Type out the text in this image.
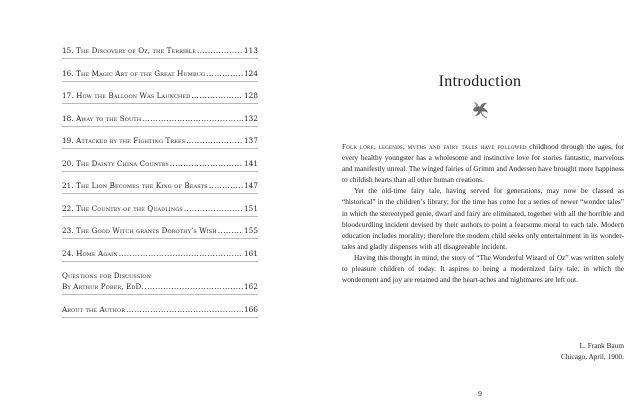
15. The Discovery of Oz, the Terrible .....	113
16. The Magic Art of the Great Humbug .....	124
17. How the Balloon Was Launched .....	128
18. Away to the South .....	132
19. Attacked by the Fighting Trees .....	137
20. The Dainty China Country .....	141
21. The Lion Becomes the King of Beasts .....	147
22. The Country of the Quadlings .....	151
23. The Good Witch grants Dorothy’s Wish .....	155
24. Home Again .....	161
Questions for Discussion
By Arthur Pober, EdD. .....	162
About the Author .....	166
Introduction

Folk lore, legends, myths and fairy tales have followed childhood through the ages, for every healthy youngster has a wholesome and instinctive love for stories fantastic, marvelous and manifestly unreal. The winged fairies of Grimm and Andersen have brought more happiness to childish hearts than all other human creations.

Yet the old-time fairy tale, having served for generations, may now be classed as “historical” in the children’s library; for the time has come for a series of newer “wonder tales” in which the stereotyped genie, dwarf and fairy are eliminated, together with all the horrible and bloodcurdling incident devised by their authors to point a fearsome moral to each tale. Modern education includes morality; therefore the modern child seeks only entertainment in its wonder-tales and gladly dispenses with all disagreeable incident.

Having this thought in mind, the story of “The Wonderful Wizard of Oz” was written solely to pleasure children of today. It aspires to being a modernized fairy tale, in which the wonderment and joy are retained and the heart-aches and nightmares are left out.

L. Frank Baum
Chicago, April, 1900.
9
